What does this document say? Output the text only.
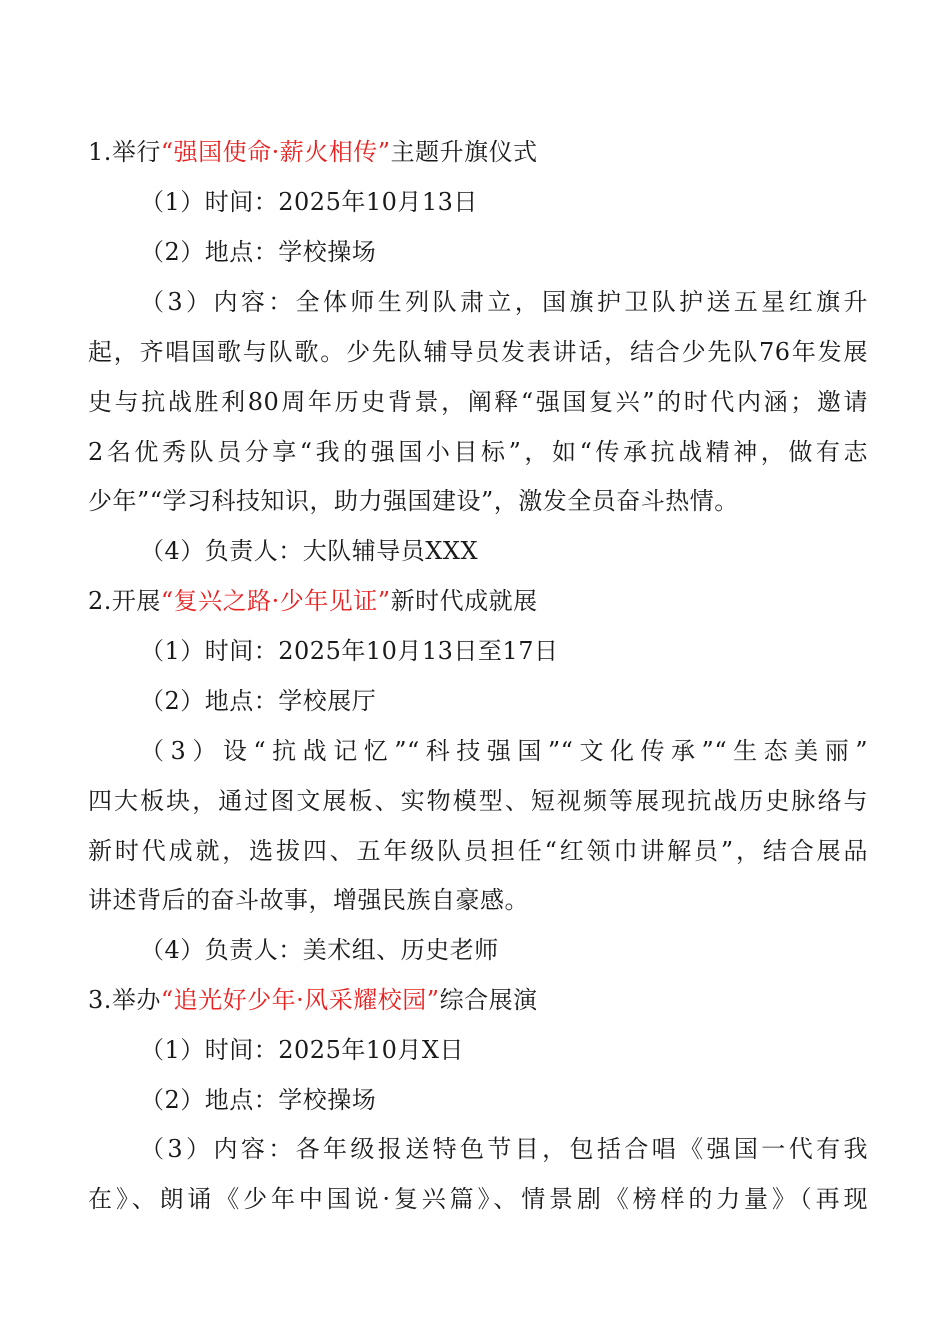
1.举行“强国使命·薪火相传”主题升旗仪式
（1）时间：2025年10月13日
（2）地点：学校操场
（3）内容：全体师生列队肃立，国旗护卫队护送五星红旗升
起，齐唱国歌与队歌。少先队辅导员发表讲话，结合少先队76年发展
史与抗战胜利80周年历史背景，阐释“强国复兴”的时代内涵；邀请
2名优秀队员分享“我的强国小目标”，如“传承抗战精神，做有志
少年”“学习科技知识，助力强国建设”，激发全员奋斗热情。
（4）负责人：大队辅导员XXX
2.开展“复兴之路·少年见证”新时代成就展
（1）时间：2025年10月13日至17日
（2）地点：学校展厅
（3）设“抗战记忆”“科技强国”“文化传承”“生态美丽”
四大板块，通过图文展板、实物模型、短视频等展现抗战历史脉络与
新时代成就，选拔四、五年级队员担任“红领巾讲解员”，结合展品
讲述背后的奋斗故事，增强民族自豪感。
（4）负责人：美术组、历史老师
3.举办“追光好少年·风采耀校园”综合展演
（1）时间：2025年10月X日
（2）地点：学校操场
（3）内容：各年级报送特色节目，包括合唱《强国一代有我
在》、朗诵《少年中国说·复兴篇》、情景剧《榜样的力量》（再现
